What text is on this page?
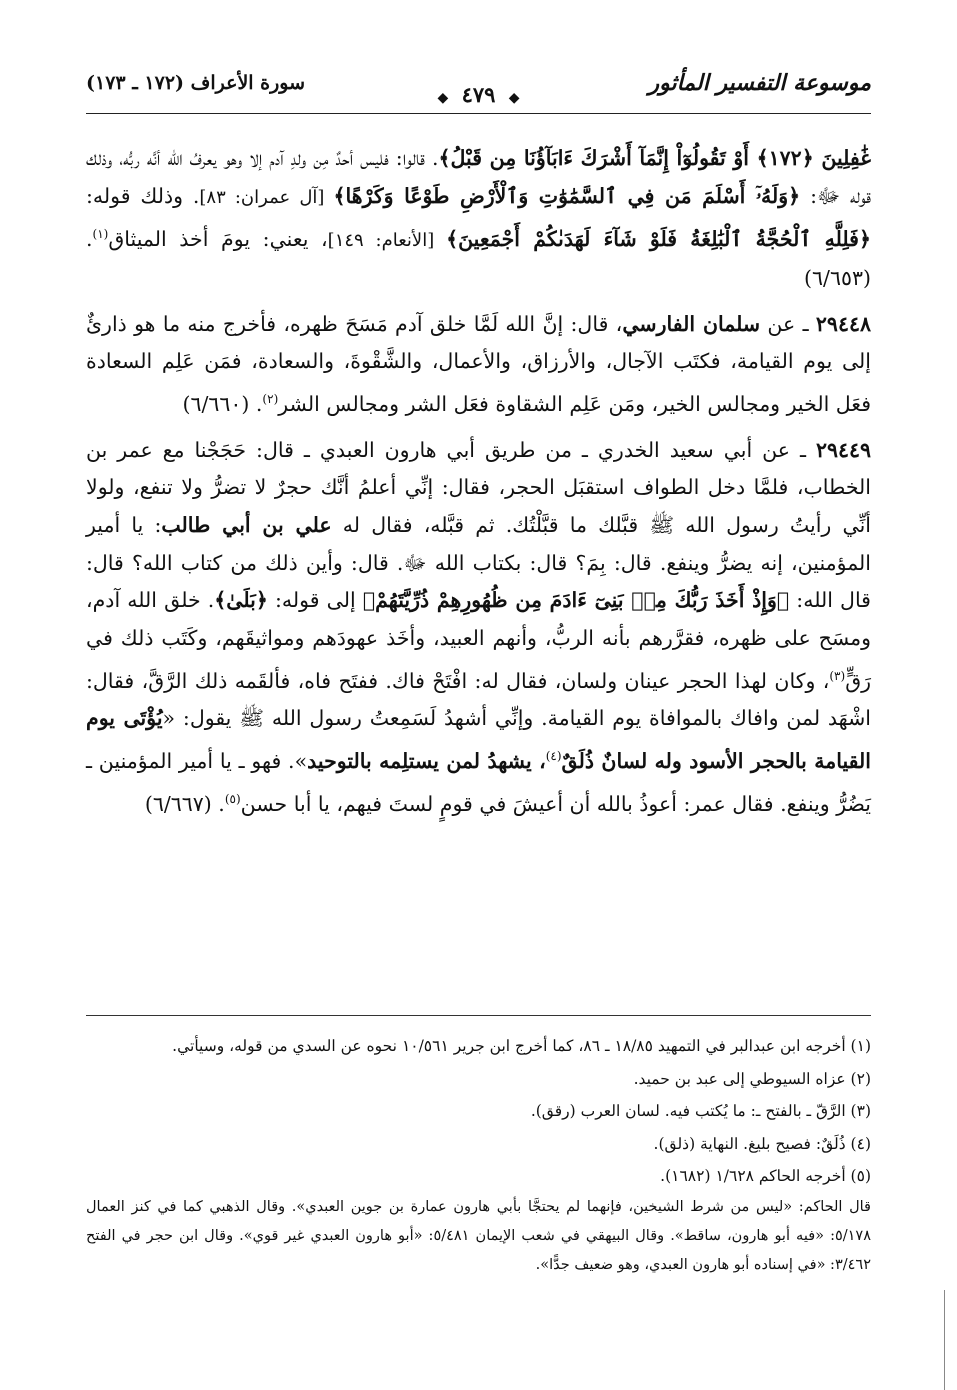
موسوعة التفسير المأثور
◆ ٤٧٩ ◆
سورة الأعراف (١٧٢ ـ ١٧٣)

غَٰفِلِينَ ﴿١٧٢﴾ أَوْ تَقُولُوٓاْ إِنَّمَآ أَشْرَكَ ءَابَآؤُنَا مِن قَبْلُ﴾. قالوا: فليس أحدٌ مِن ولدِ آدم إلا وهو يعرفُ الله أنَّه ربُّه، وذلك قوله ﷻ: ﴿وَلَهُۥٓ أَسْلَمَ مَن فِي ٱلسَّمَٰوَٰتِ وَٱلْأَرْضِ طَوْعًا وَكَرْهًا﴾ [آل عمران: ٨٣]. وذلك قوله: ﴿فَلِلَّهِ ٱلْحُجَّةُ ٱلْبَٰلِغَةُ فَلَوْ شَآءَ لَهَدَىٰكُمْ أَجْمَعِينَ﴾ [الأنعام: ١٤٩]، يعني: يومَ أخذ الميثاق$^{(١)}$. (٦/٦٥٣)

٢٩٤٤٨ ـ عن سلمان الفارسي، قال: إنَّ الله لَمَّا خلق آدم مَسَحَ ظهره، فأخرج منه ما هو ذارئٌ إلى يوم القيامة، فكتَب الآجال، والأرزاق، والأعمال، والشَّقْوةَ، والسعادة، فمَن عَلِم السعادة فعَل الخير ومجالس الخير، ومَن عَلِم الشقاوة فعَل الشر ومجالس الشر$^{(٢)}$. (٦/٦٦٠)

٢٩٤٤٩ ـ عن أبي سعيد الخدري ـ من طريق أبي هارون العبدي ـ قال: حَجَجْنا مع عمر بن الخطاب، فلمَّا دخل الطواف استقبَل الحجر، فقال: إنِّي أعلمُ أنَّك حجرٌ لا تضرُّ ولا تنفع، ولولا أنِّي رأيتُ رسول الله ﷺ قبَّلك ما قبَّلْتُك. ثم قبَّله، فقال له علي بن أبي طالب: يا أمير المؤمنين، إنه يضرُّ وينفع. قال: بِمَ؟ قال: بكتاب الله ﷻ. قال: وأين ذلك من كتاب الله؟ قال: قال الله: ﴿وَإِذْ أَخَذَ رَبُّكَ مِنۢ بَنِىٓ ءَادَمَ مِن ظُهُورِهِمْ ذُرِّيَّتَهُمْ﴾ إلى قوله: ﴿بَلَىٰ﴾. خلق الله آدم، ومسَح على ظهره، فقرَّرهم بأنه الربُّ، وأنهم العبيد، وأخَذ عهودَهم ومواثيقَهم، وكَتَب ذلك في رَقٍّ$^{(٣)}$، وكان لهذا الحجر عينان ولسان، فقال له: افْتَحْ فاك. ففتَح فاه، فألقَمه ذلك الرَّقَّ، فقال: اشْهَد لمن وافاك بالموافاة يوم القيامة. وإنِّي أشهدُ لَسَمِعتُ رسول الله ﷺ يقول: «يُؤْتَى يوم القيامة بالحجر الأسود وله لسانٌ ذُلَقٌ$^{(٤)}$، يشهدُ لمن يستلِمه بالتوحيد». فهو ـ يا أمير المؤمنين ـ يَضُرُّ وينفع. فقال عمر: أعوذُ بالله أن أعيشَ في قومٍ لستَ فيهم، يا أبا حسن$^{(٥)}$. (٦/٦٦٧)

(١) أخرجه ابن عبدالبر في التمهيد ١٨/٨٥ ـ ٨٦، كما أخرج ابن جرير ١٠/٥٦١ نحوه عن السدي من قوله، وسيأتي.

(٢) عزاه السيوطي إلى عبد بن حميد.

(٣) الرَّقّ ـ بالفتح ـ: ما يُكتب فيه. لسان العرب (رقق).

(٤) ذُلَقٌ: فصيح بليغ. النهاية (ذلق).

(٥) أخرجه الحاكم ١/٦٢٨ (١٦٨٢).

قال الحاكم: «ليس من شرط الشيخين، فإنهما لم يحتجَّا بأبي هارون عمارة بن جوين العبدي». وقال الذهبي كما في كنز العمال ٥/١٧٨: «فيه أبو هارون، ساقط». وقال البيهقي في شعب الإيمان ٥/٤٨١: «أبو هارون العبدي غير قوي». وقال ابن حجر في الفتح ٣/٤٦٢: «في إسناده أبو هارون العبدي، وهو ضعيف جدًّا».
